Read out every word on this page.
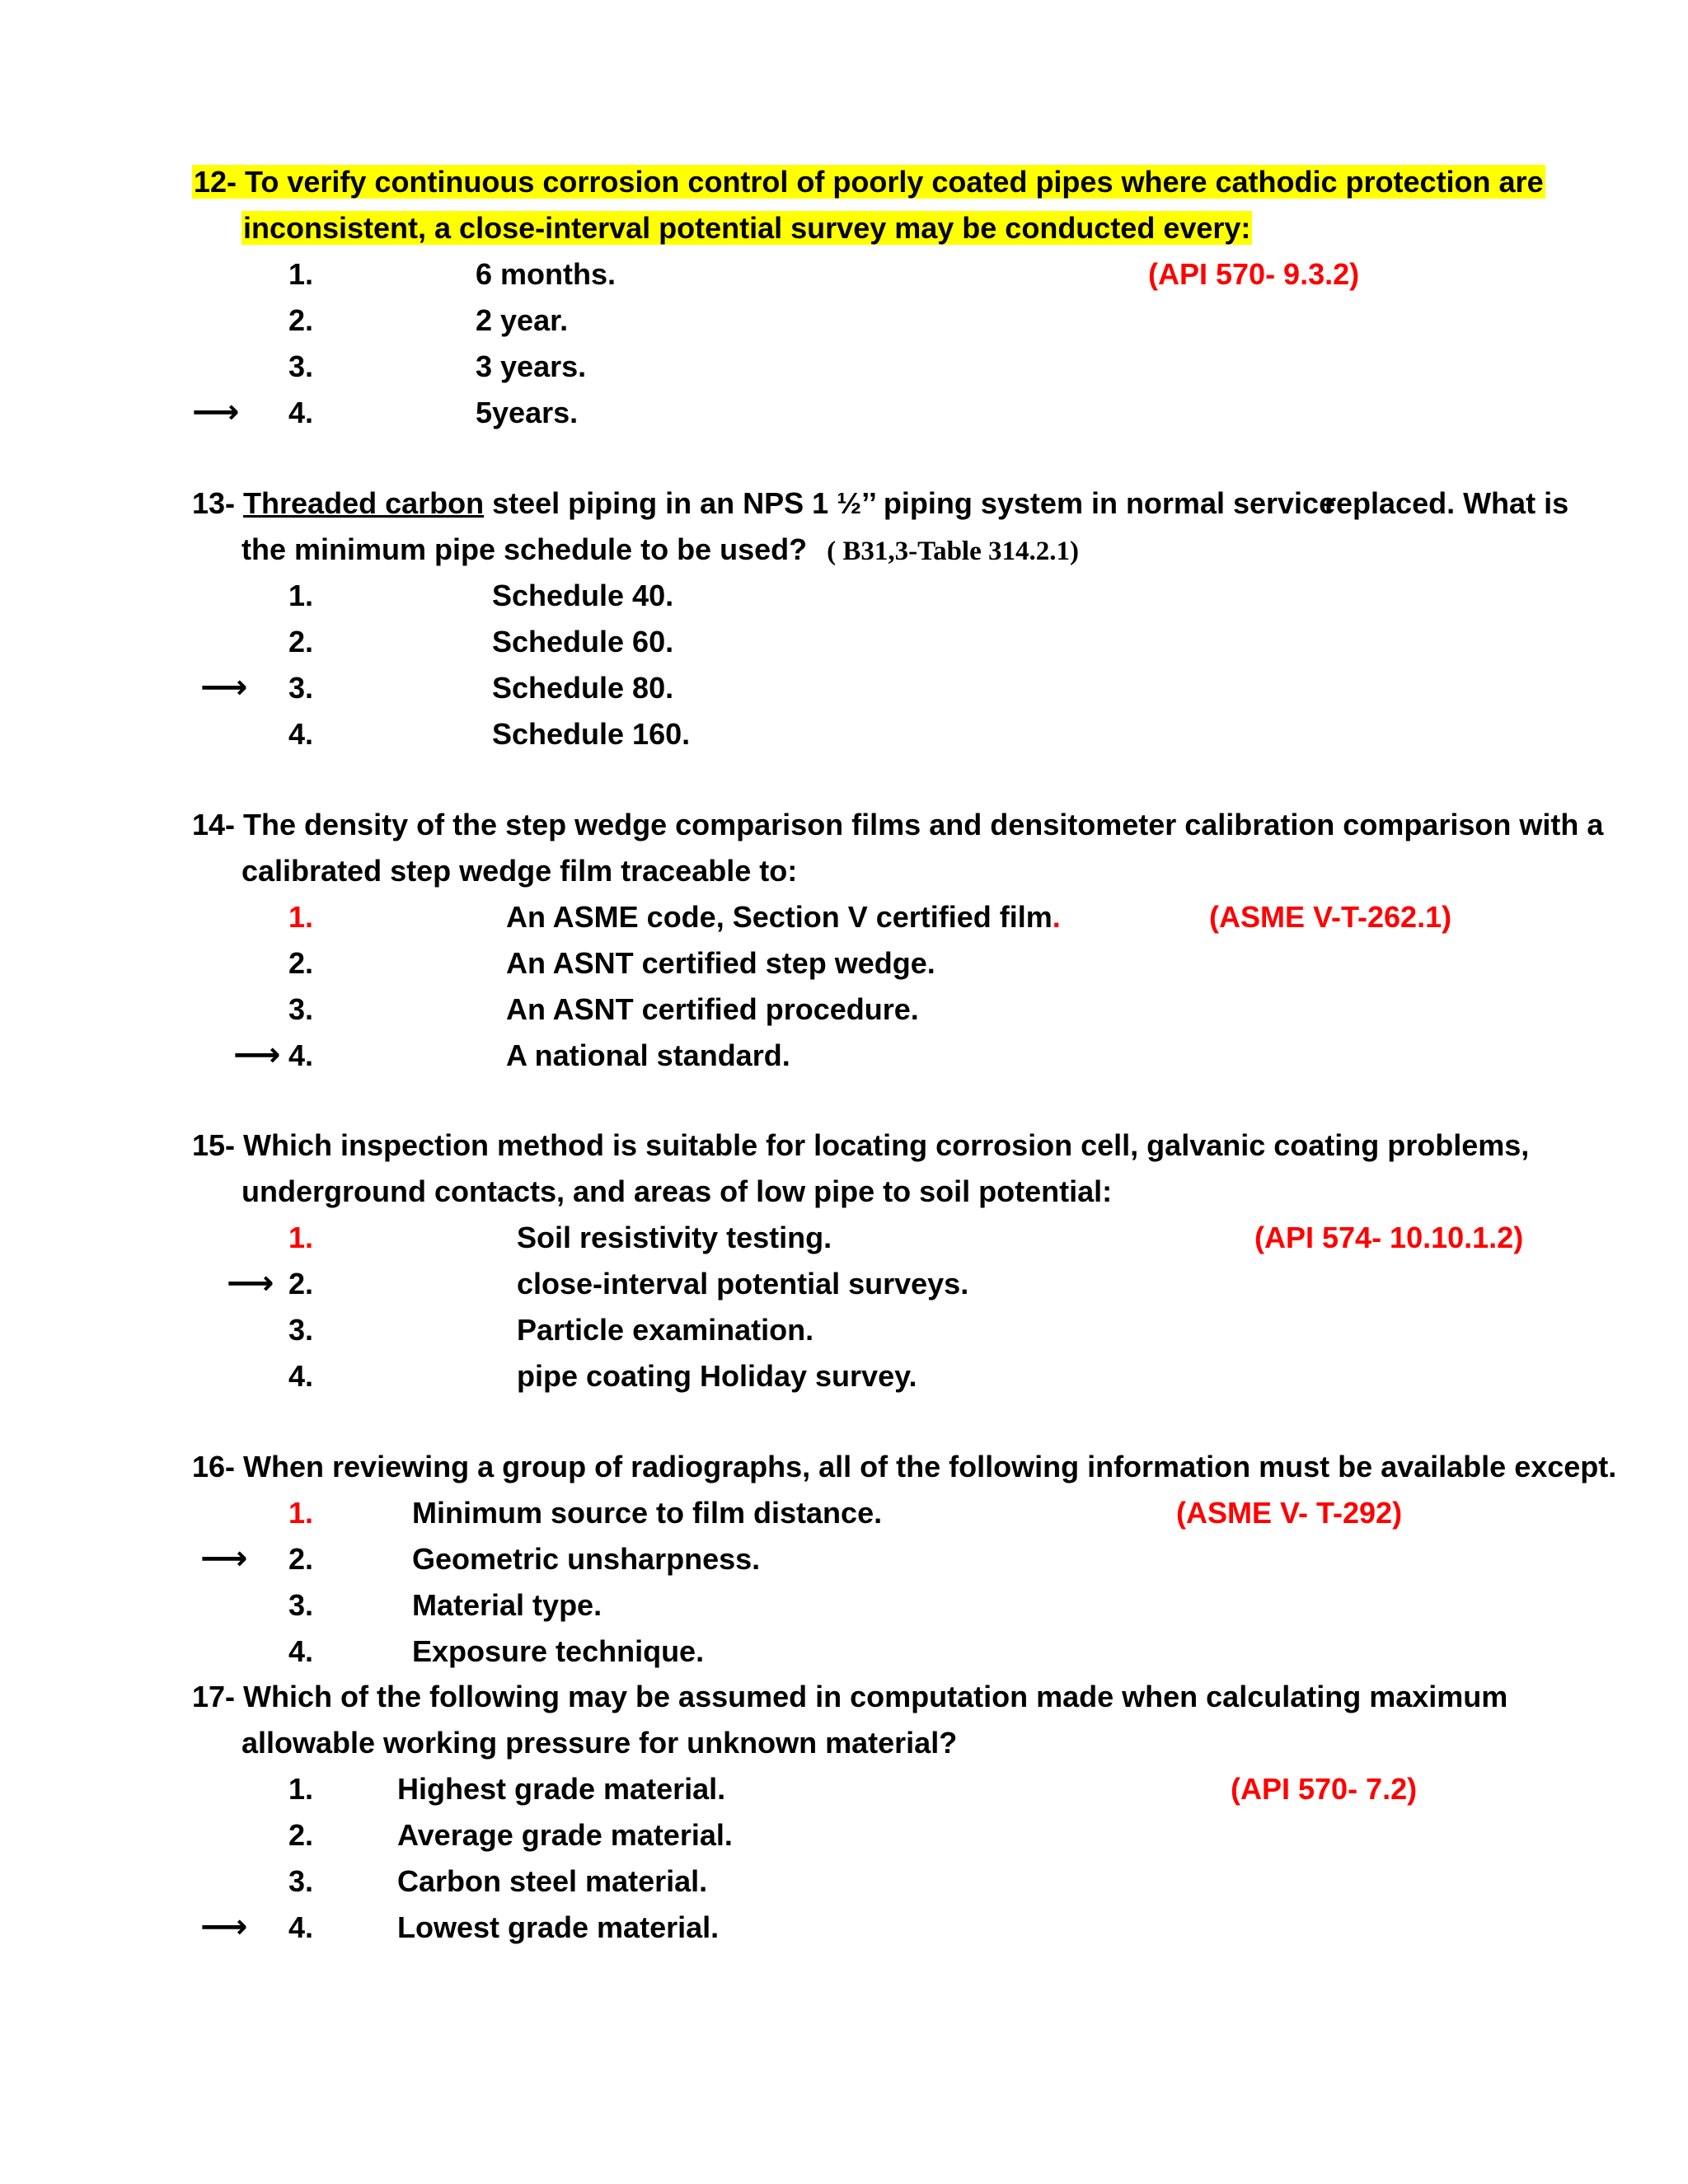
12- To verify continuous corrosion control of poorly coated pipes where cathodic protection are
inconsistent, a close-interval potential survey may be conducted every:
1.	6 months.	(API 570- 9.3.2)
2.	2 year.
3.	3 years.
⟶ 4.	5years.
13- Threaded carbon steel piping in an NPS 1 ½’’ piping system in normal service
replaced. What is
the minimum pipe schedule to be used? ( B31,3-Table 314.2.1)
1.	Schedule 40.
2.	Schedule 60.
⟶ 3.	Schedule 80.
4.	Schedule 160.
14- The density of the step wedge comparison films and densitometer calibration comparison with a
calibrated step wedge film traceable to:
1.	An ASME code, Section V certified film.	(ASME V-T-262.1)
2.	An ASNT certified step wedge.
3.	An ASNT certified procedure.
⟶ 4.	A national standard.
15- Which inspection method is suitable for locating corrosion cell, galvanic coating problems,
underground contacts, and areas of low pipe to soil potential:
1.	Soil resistivity testing.	(API 574- 10.10.1.2)
⟶ 2.	close-interval potential surveys.
3.	Particle examination.
4.	pipe coating Holiday survey.
16- When reviewing a group of radiographs, all of the following information must be available except.
1.	Minimum source to film distance.	(ASME V- T-292)
⟶ 2.	Geometric unsharpness.
3.	Material type.
4.	Exposure technique.
17- Which of the following may be assumed in computation made when calculating maximum
allowable working pressure for unknown material?
1.	Highest grade material.	(API 570- 7.2)
2.	Average grade material.
3.	Carbon steel material.
⟶ 4.	Lowest grade material.
